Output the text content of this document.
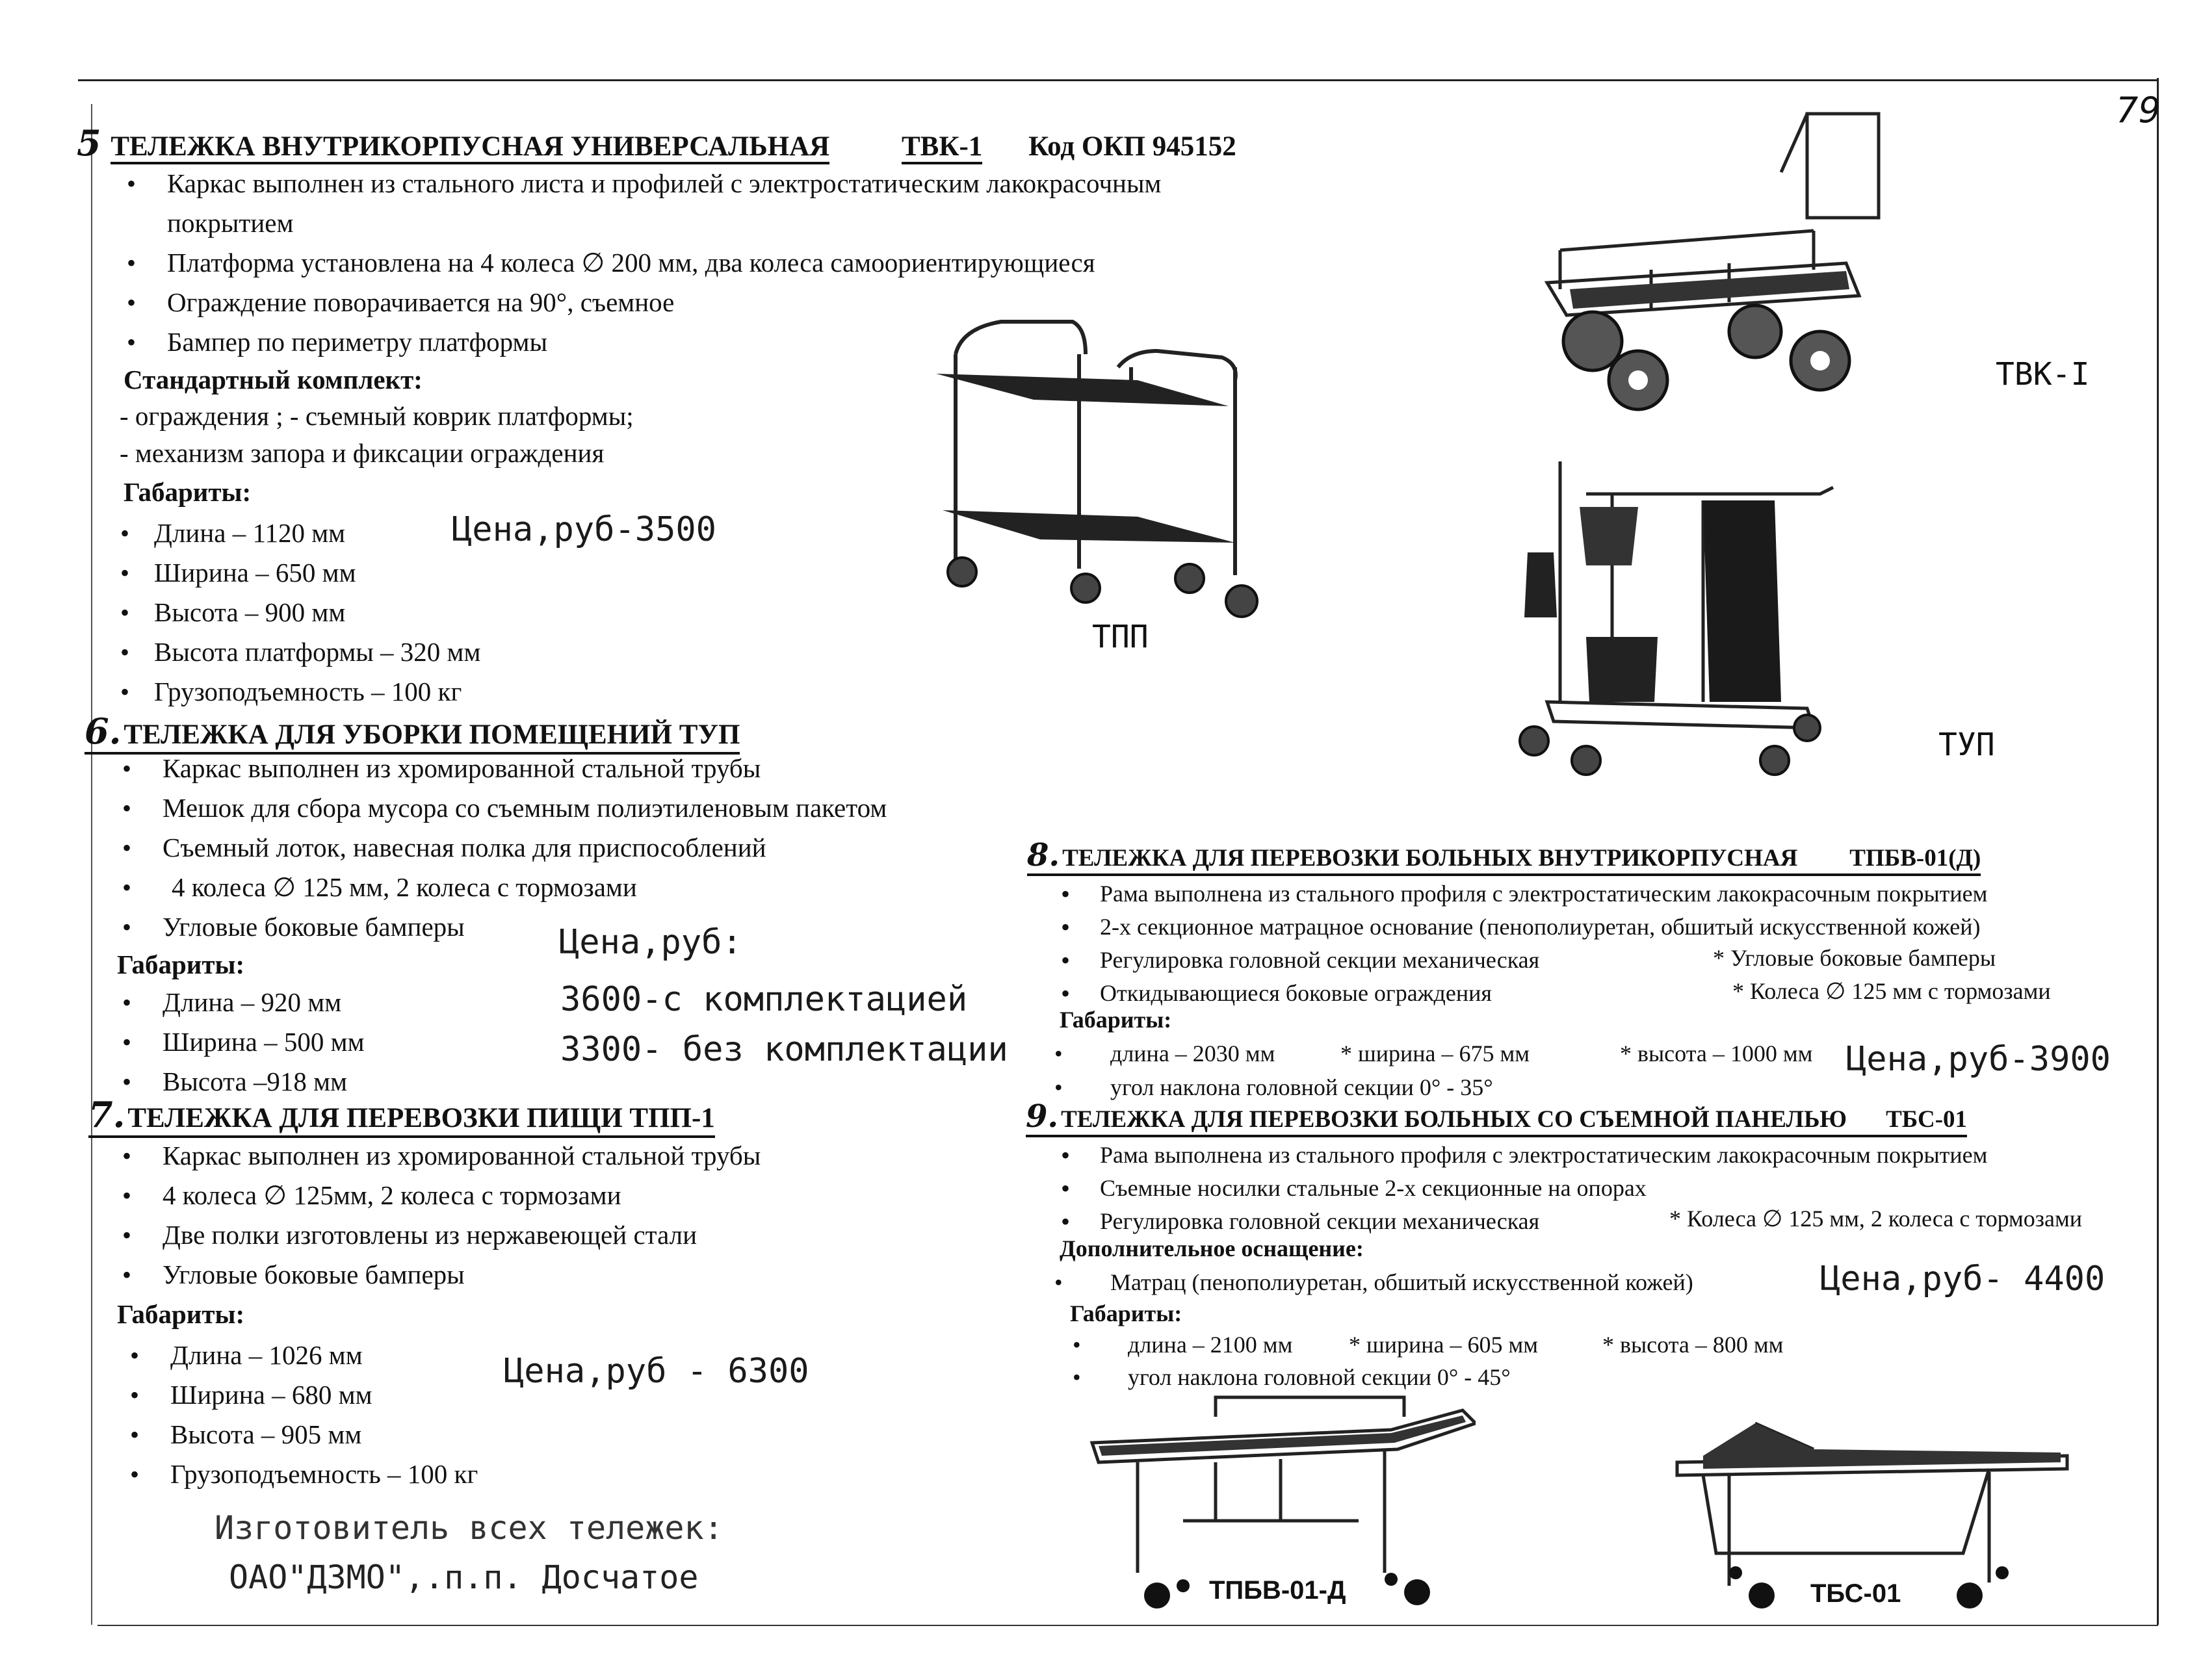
79
5 ТЕЛЕЖКА ВНУТРИКОРПУСНАЯ УНИВЕРСАЛЬНАЯ	ТВК-1 Код ОКП 945152
• Каркас выполнен из стального листа и профилей с электростатическим лакокрасочным
покрытием
• Платформа установлена на 4 колеса ∅ 200 мм, два колеса самоориентирующиеся
• Ограждение поворачивается на 90°, съемное
• Бампер по периметру платформы
Стандартный комплект:
- ограждения ; - съемный коврик платформы;
- механизм запора и фиксации ограждения
Габариты:
• Длина – 1120 мм
• Ширина – 650 мм
• Высота – 900 мм
• Высота платформы – 320 мм
• Грузоподъемность – 100 кг
Цена,руб-3500
6.ТЕЛЕЖКА ДЛЯ УБОРКИ ПОМЕЩЕНИЙ ТУП
• Каркас выполнен из хромированной стальной трубы
• Мешок для сбора мусора со съемным полиэтиленовым пакетом
• Съемный лоток, навесная полка для приспособлений
• 4 колеса ∅ 125 мм, 2 колеса с тормозами
• Угловые боковые бамперы
Габариты:
• Длина – 920 мм
• Ширина – 500 мм
• Высота –918 мм
Цена,руб:
3600-с комплектацией
3300- без комплектации
7.ТЕЛЕЖКА ДЛЯ ПЕРЕВОЗКИ ПИЩИ ТПП-1
• Каркас выполнен из хромированной стальной трубы
• 4 колеса ∅ 125мм, 2 колеса с тормозами
• Две полки изготовлены из нержавеющей стали
• Угловые боковые бамперы
Габариты:
• Длина – 1026 мм
• Ширина – 680 мм
• Высота – 905 мм
• Грузоподъемность – 100 кг
Цена,руб - 6300
Изготовитель всех тележек:
ОАО"ДЗМО",.п.п. Досчатое
8. ТЕЛЕЖКА ДЛЯ ПЕРЕВОЗКИ БОЛЬНЫХ ВНУТРИКОРПУСНАЯ ТПБВ-01(Д)
• Рама выполнена из стального профиля с электростатическим лакокрасочным покрытием
• 2-х секционное матрацное основание (пенополиуретан, обшитый искусственной кожей)
• Регулировка головной секции механическая
• Откидывающиеся боковые ограждения
* Угловые боковые бамперы
* Колеса ∅ 125 мм с тормозами
Габариты:
• длина – 2030 мм	* ширина – 675 мм	* высота – 1000 мм Цена,руб-3900
• угол наклона головной секции 0° - 35°
9. ТЕЛЕЖКА ДЛЯ ПЕРЕВОЗКИ БОЛЬНЫХ СО СЪЕМНОЙ ПАНЕЛЬЮ ТБС-01
• Рама выполнена из стального профиля с электростатическим лакокрасочным покрытием
• Съемные носилки стальные 2-х секционные на опорах
• Регулировка головной секции механическая	* Колеса ∅ 125 мм, 2 колеса с тормозами
Дополнительное оснащение:
• Матрац (пенополиуретан, обшитый искусственной кожей)	Цена,руб- 4400
Габариты:
• длина – 2100 мм * ширина – 605 мм	* высота – 800 мм
• угол наклона головной секции 0° - 45°
ТВК-I
ТПП
ТУП
ТПБВ-01-Д	ТБС-01
